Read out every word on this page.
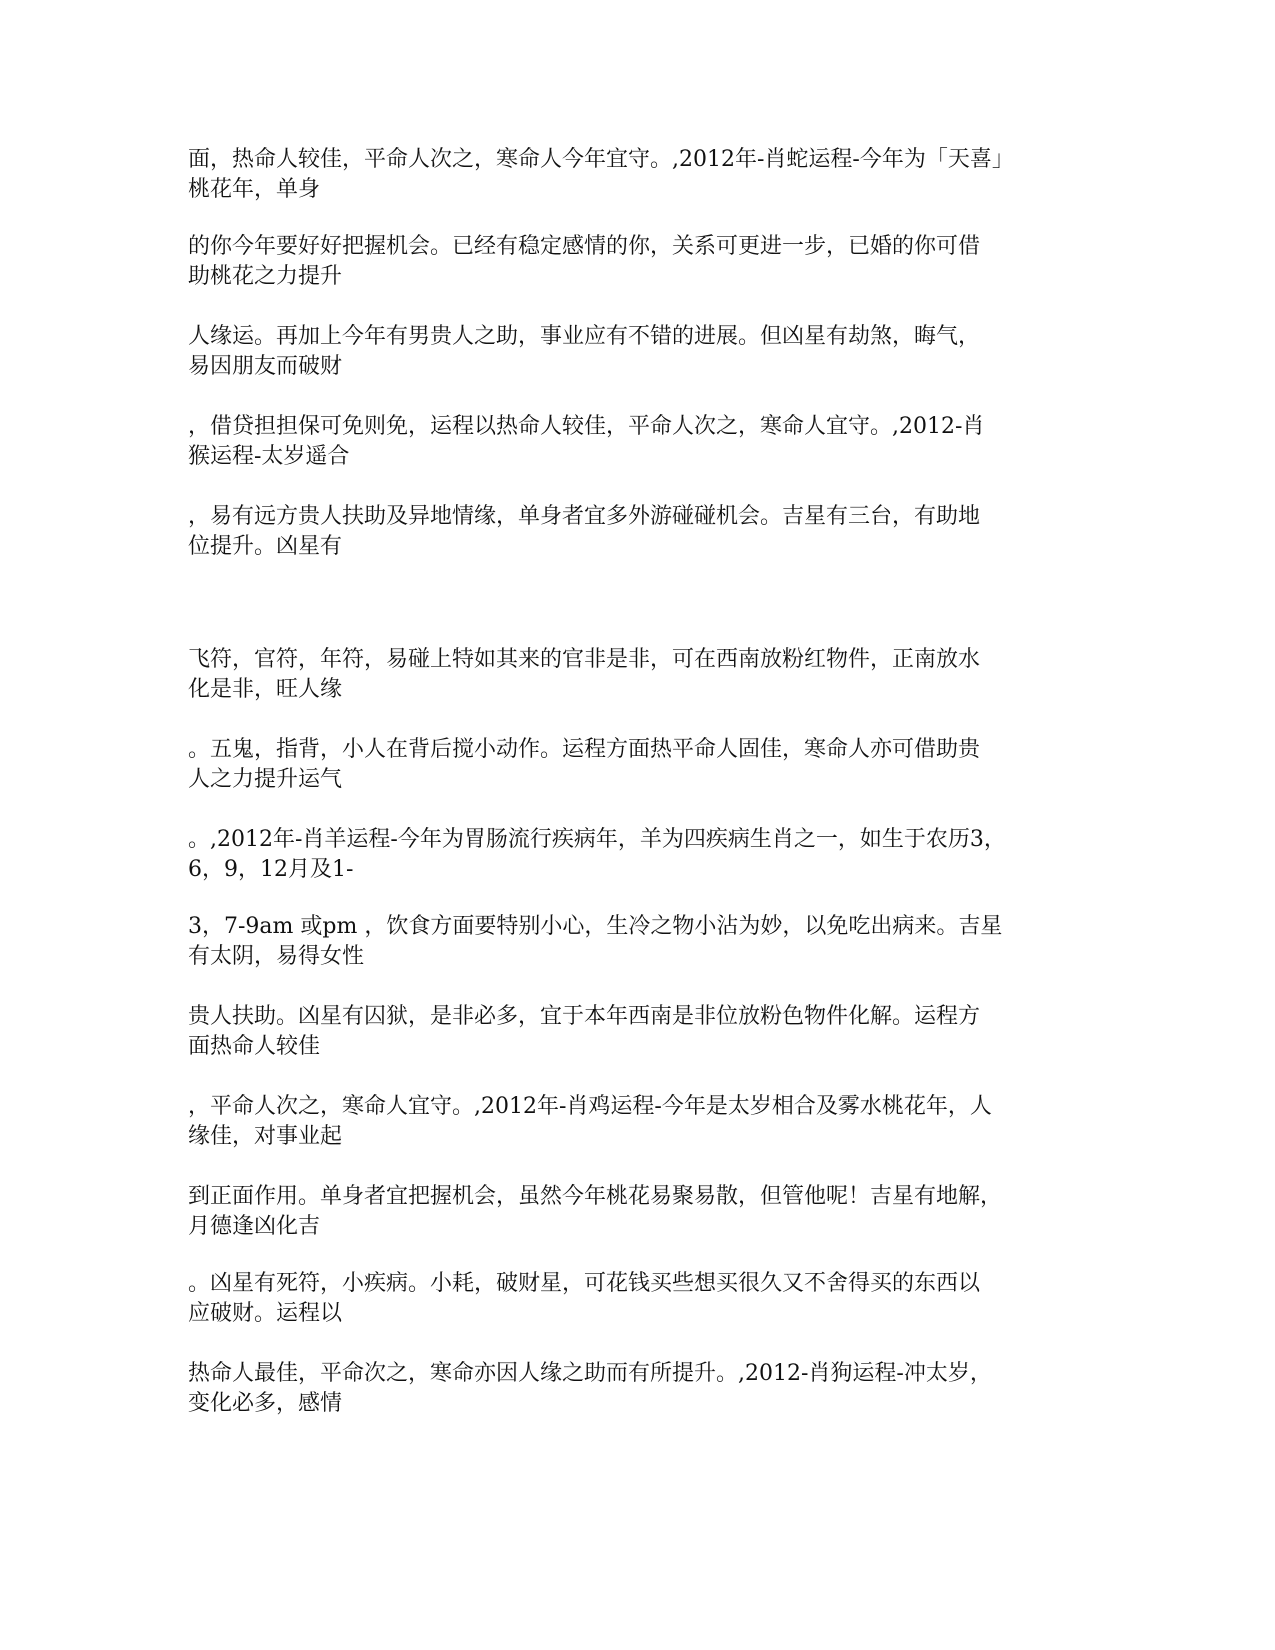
面，热命人较佳，平命人次之，寒命人今年宜守。,2012年-肖蛇运程-今年为「天喜」
桃花年，单身

的你今年要好好把握机会。已经有稳定感情的你，关系可更进一步，已婚的你可借
助桃花之力提升

人缘运。再加上今年有男贵人之助，事业应有不错的进展。但凶星有劫煞，晦气，
易因朋友而破财

，借贷担担保可免则免，运程以热命人较佳，平命人次之，寒命人宜守。,2012-肖
猴运程-太岁遥合

，易有远方贵人扶助及异地情缘，单身者宜多外游碰碰机会。吉星有三台，有助地
位提升。凶星有

飞符，官符，年符，易碰上特如其来的官非是非，可在西南放粉红物件，正南放水
化是非，旺人缘

。五鬼，指背，小人在背后搅小动作。运程方面热平命人固佳，寒命人亦可借助贵
人之力提升运气

。,2012年-肖羊运程-今年为胃肠流行疾病年，羊为四疾病生肖之一，如生于农历3，
6，9，12月及1-

3，7-9am 或pm ，饮食方面要特别小心，生冷之物小沾为妙，以免吃出病来。吉星
有太阴，易得女性

贵人扶助。凶星有囚狱，是非必多，宜于本年西南是非位放粉色物件化解。运程方
面热命人较佳

，平命人次之，寒命人宜守。,2012年-肖鸡运程-今年是太岁相合及雾水桃花年，人
缘佳，对事业起

到正面作用。单身者宜把握机会，虽然今年桃花易聚易散，但管他呢！吉星有地解，
月德逢凶化吉

。凶星有死符，小疾病。小耗，破财星，可花钱买些想买很久又不舍得买的东西以
应破财。运程以

热命人最佳，平命次之，寒命亦因人缘之助而有所提升。,2012-肖狗运程-冲太岁，
变化必多，感情
